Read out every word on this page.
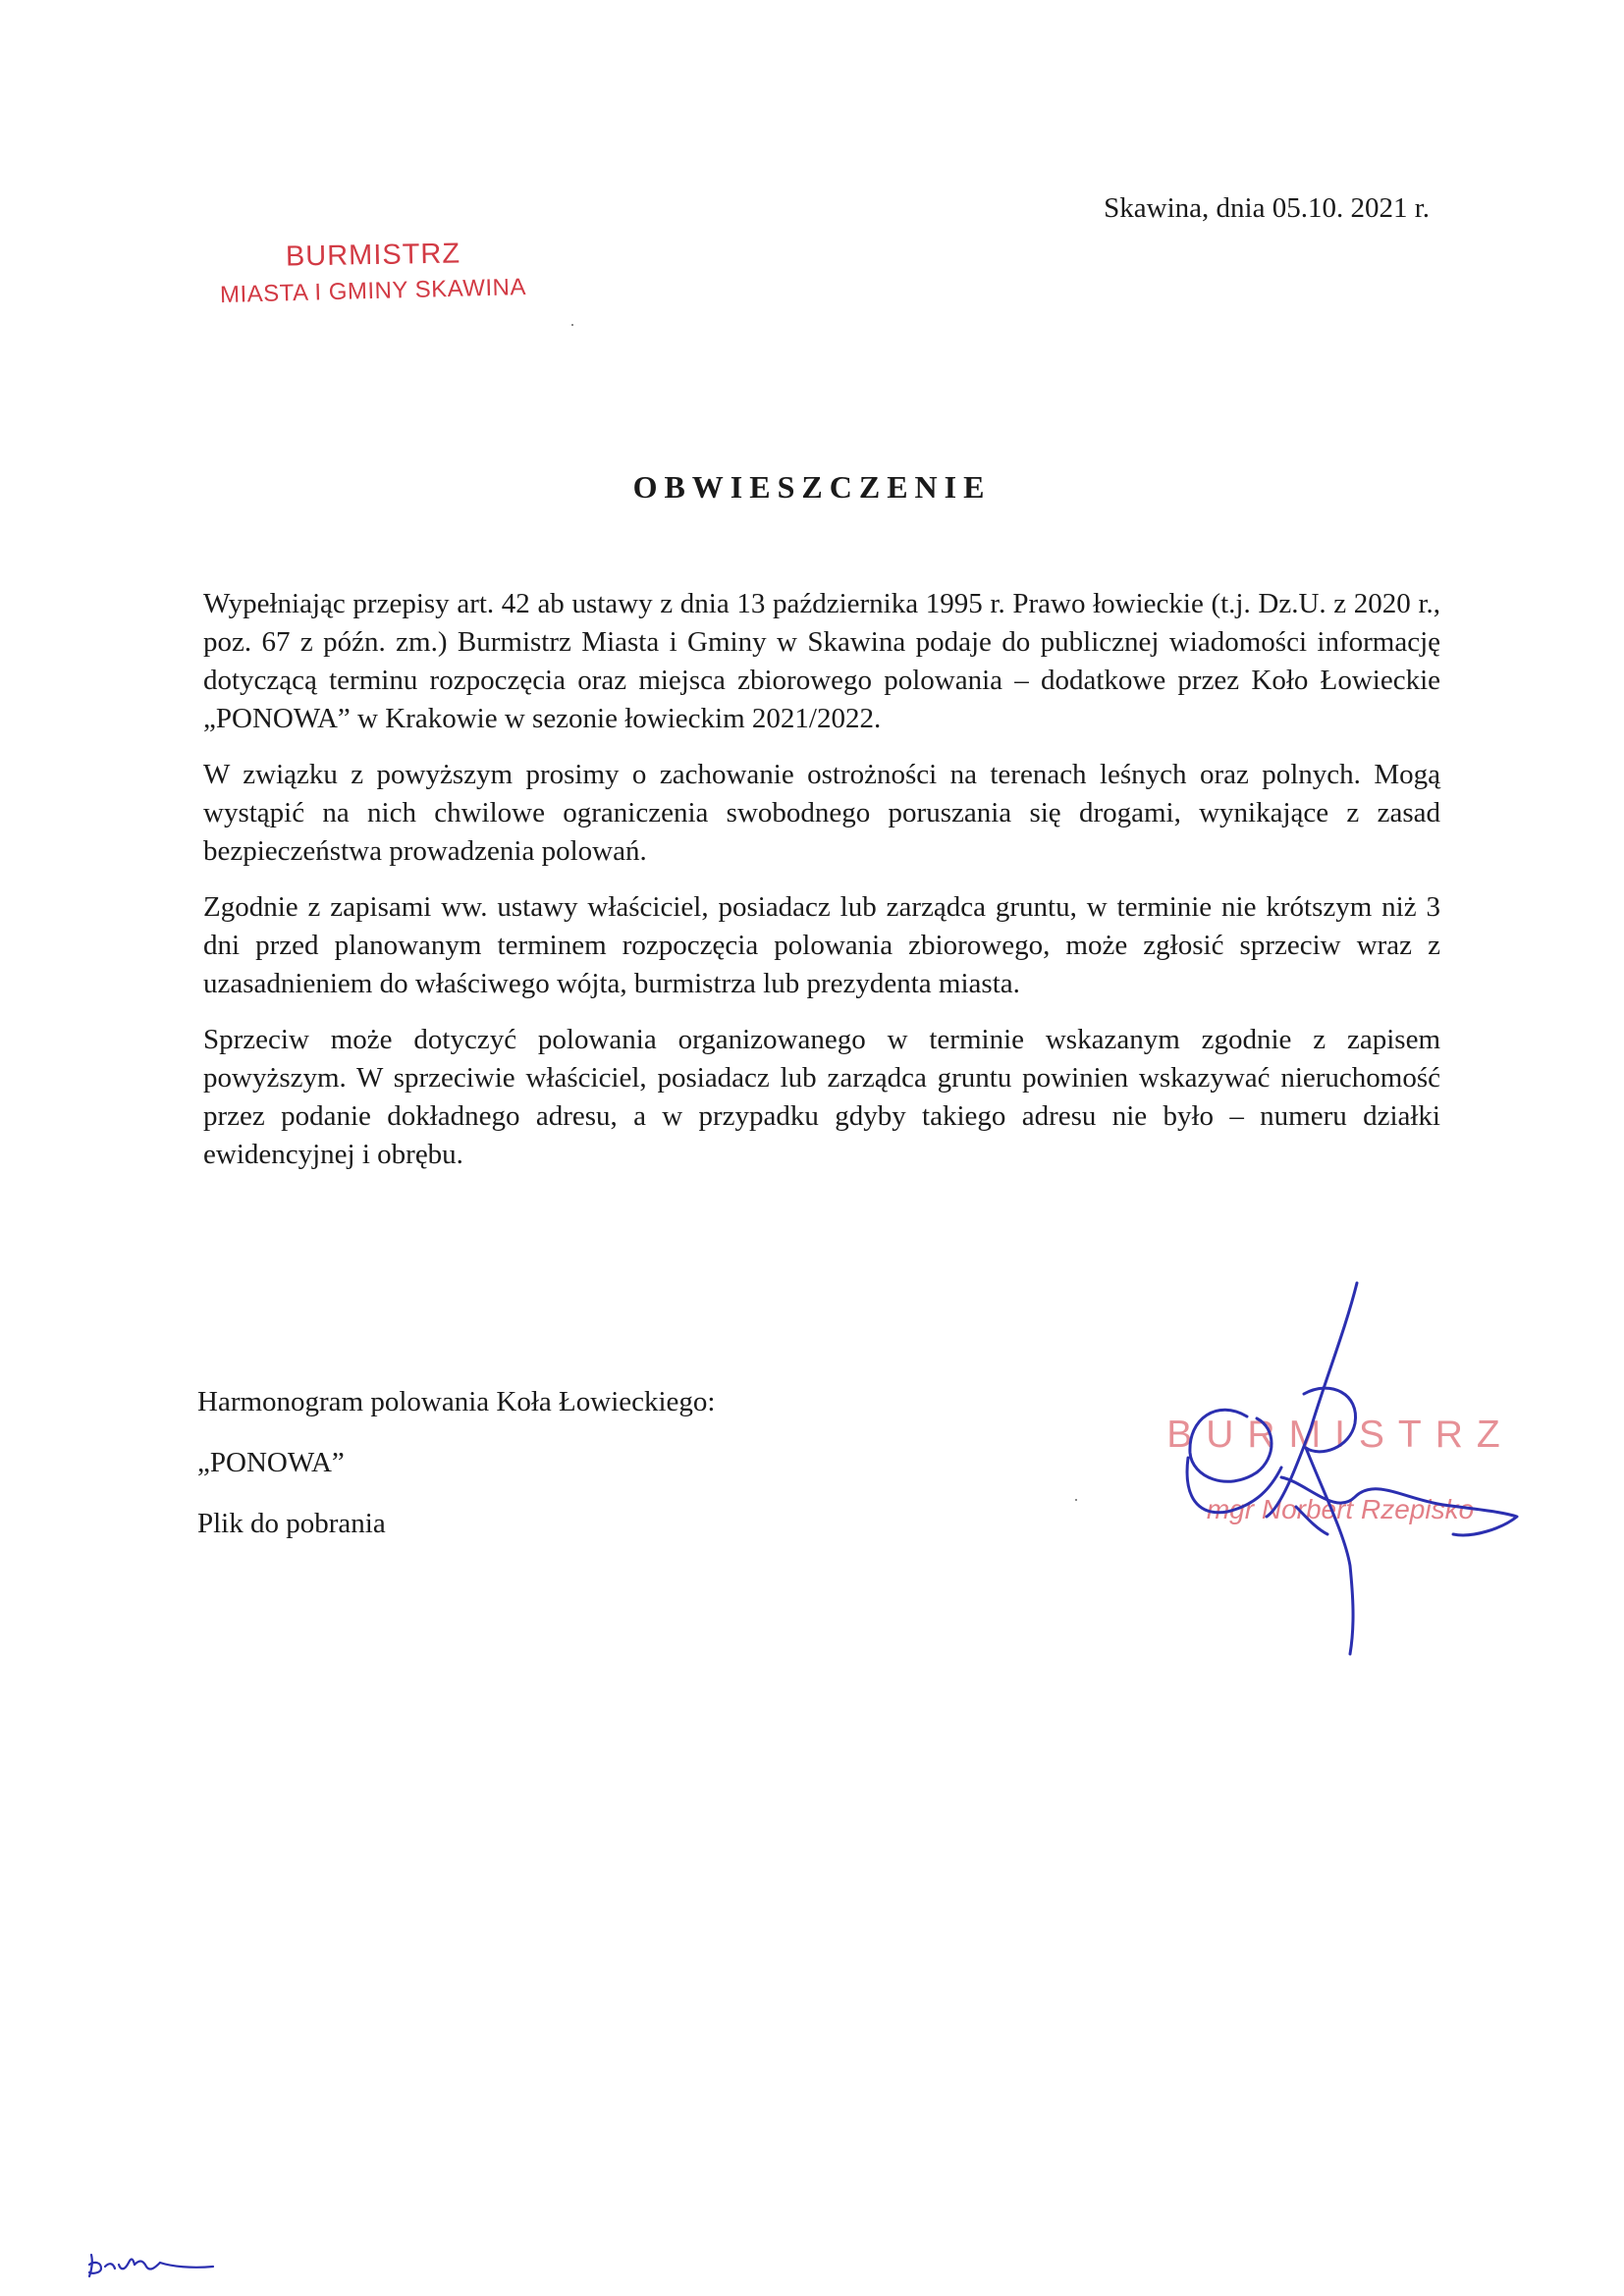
Skawina, dnia 05.10. 2021 r.
BURMISTRZ
MIASTA I GMINY SKAWINA
OBWIESZCZENIE

Wypełniając przepisy art. 42 ab ustawy z dnia 13 października 1995 r. Prawo łowieckie (t.j. Dz.U. z 2020 r., poz. 67 z późn. zm.) Burmistrz Miasta i Gminy w Skawina podaje do publicznej wiadomości informację dotyczącą terminu rozpoczęcia oraz miejsca zbiorowego polowania – dodatkowe przez Koło Łowieckie „PONOWA” w Krakowie w sezonie łowieckim 2021/2022.

W związku z powyższym prosimy o zachowanie ostrożności na terenach leśnych oraz polnych. Mogą wystąpić na nich chwilowe ograniczenia swobodnego poruszania się drogami, wynikające z zasad bezpieczeństwa prowadzenia polowań.

Zgodnie z zapisami ww. ustawy właściciel, posiadacz lub zarządca gruntu, w terminie nie krótszym niż 3 dni przed planowanym terminem rozpoczęcia polowania zbiorowego, może zgłosić sprzeciw wraz z uzasadnieniem do właściwego wójta, burmistrza lub prezydenta miasta.

Sprzeciw może dotyczyć polowania organizowanego w terminie wskazanym zgodnie z zapisem powyższym. W sprzeciwie właściciel, posiadacz lub zarządca gruntu powinien wskazywać nieruchomość przez podanie dokładnego adresu, a w przypadku gdyby takiego adresu nie było – numeru działki ewidencyjnej i obrębu.

Harmonogram polowania Koła Łowieckiego:
„PONOWA”
Plik do pobrania
BURMISTRZ
mgr Norbert Rzepisko
